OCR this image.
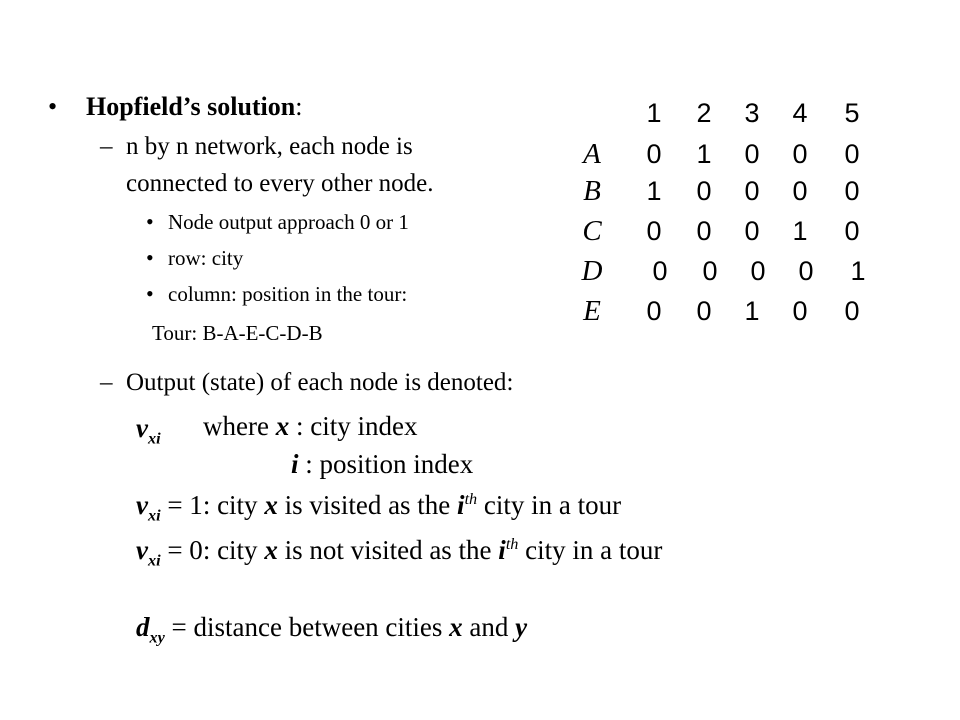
• Hopfield’s solution:
– n by n network, each node is
connected to every other node.
• Node output approach 0 or 1
• row: city
• column: position in the tour:
Tour: B-A-E-C-D-B
– Output (state) of each node is denoted:
1 2 3 4 5
A 0 1 0 0 0
B 1 0 0 0 0
C 0 0 0 1 0
D 0 0 0 0 1
E 0 0 1 0 0
$v_{xi}$ where x : city index
i : position index
$v_{xi} = 1$: city x is visited as the $i^{th}$ city in a tour
$v_{xi} = 0$: city x is not visited as the $i^{th}$ city in a tour
$d_{xy}$ = distance between cities x and y
